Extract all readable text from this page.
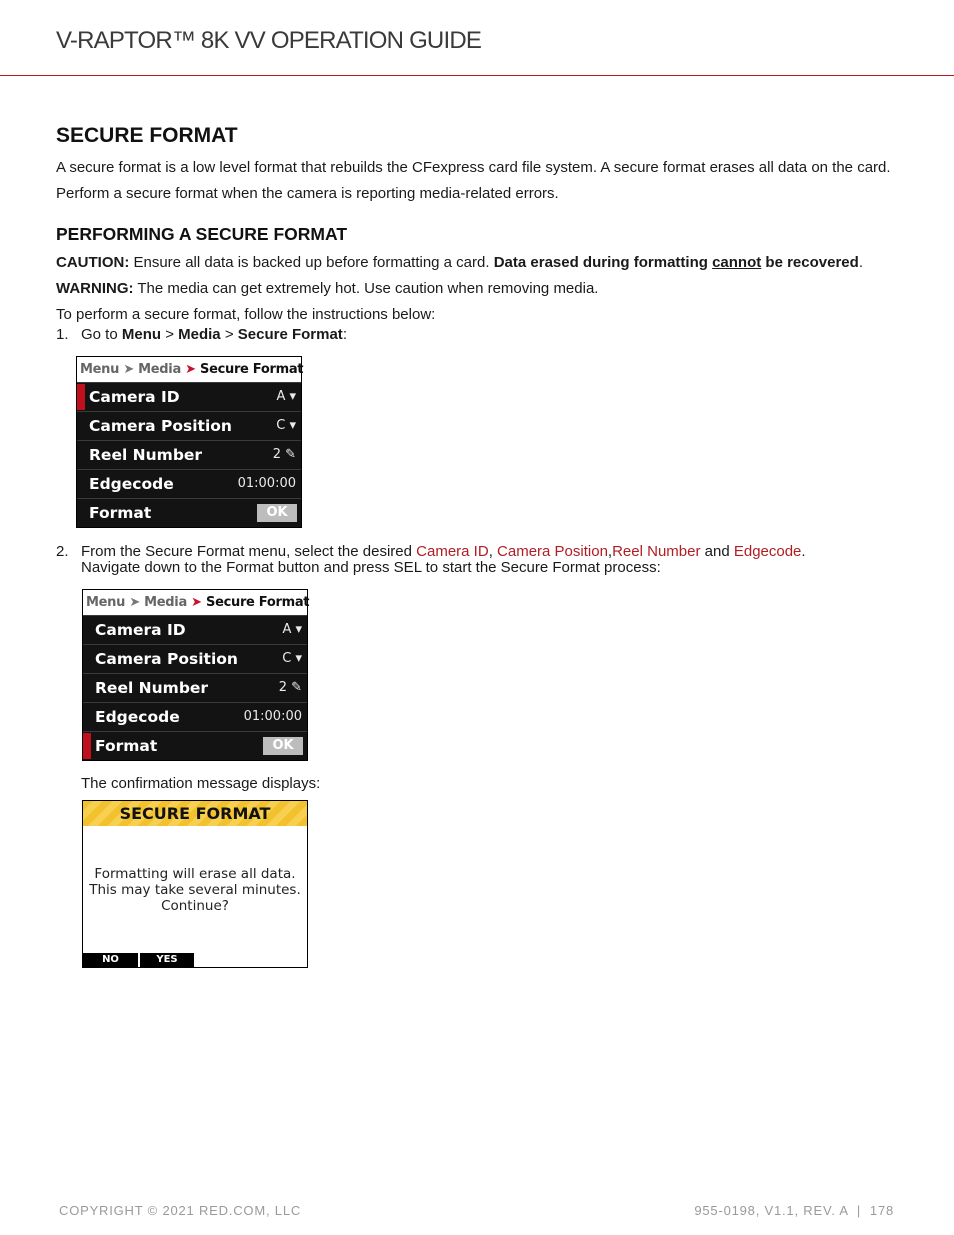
V-RAPTOR™ 8K VV OPERATION GUIDE
SECURE FORMAT

A secure format is a low level format that rebuilds the CFexpress card file system. A secure format erases all data on the card.

Perform a secure format when the camera is reporting media-related errors.

PERFORMING A SECURE FORMAT

CAUTION: Ensure all data is backed up before formatting a card. Data erased during formatting cannot be recovered.

WARNING: The media can get extremely hot. Use caution when removing media.

To perform a secure format, follow the instructions below:

1. Go to Menu > Media > Secure Format:
Menu ➤ Media ➤ Secure Format
Camera ID	A ▾
Camera Position	C ▾
Reel Number	2 ✎
Edgecode	01:00:00
Format	OK
2. From the Secure Format menu, select the desired Camera ID, Camera Position,Reel Number and Edgecode.
Navigate down to the Format button and press SEL to start the Secure Format process:
Menu ➤ Media ➤ Secure Format
Camera ID	A ▾
Camera Position	C ▾
Reel Number	2 ✎
Edgecode	01:00:00
Format	OK
The confirmation message displays:
SECURE FORMAT
Formatting will erase all data.
This may take several minutes.
Continue?
NO	YES
COPYRIGHT © 2021 RED.COM, LLC	955-0198, V1.1, REV. A  |  178
